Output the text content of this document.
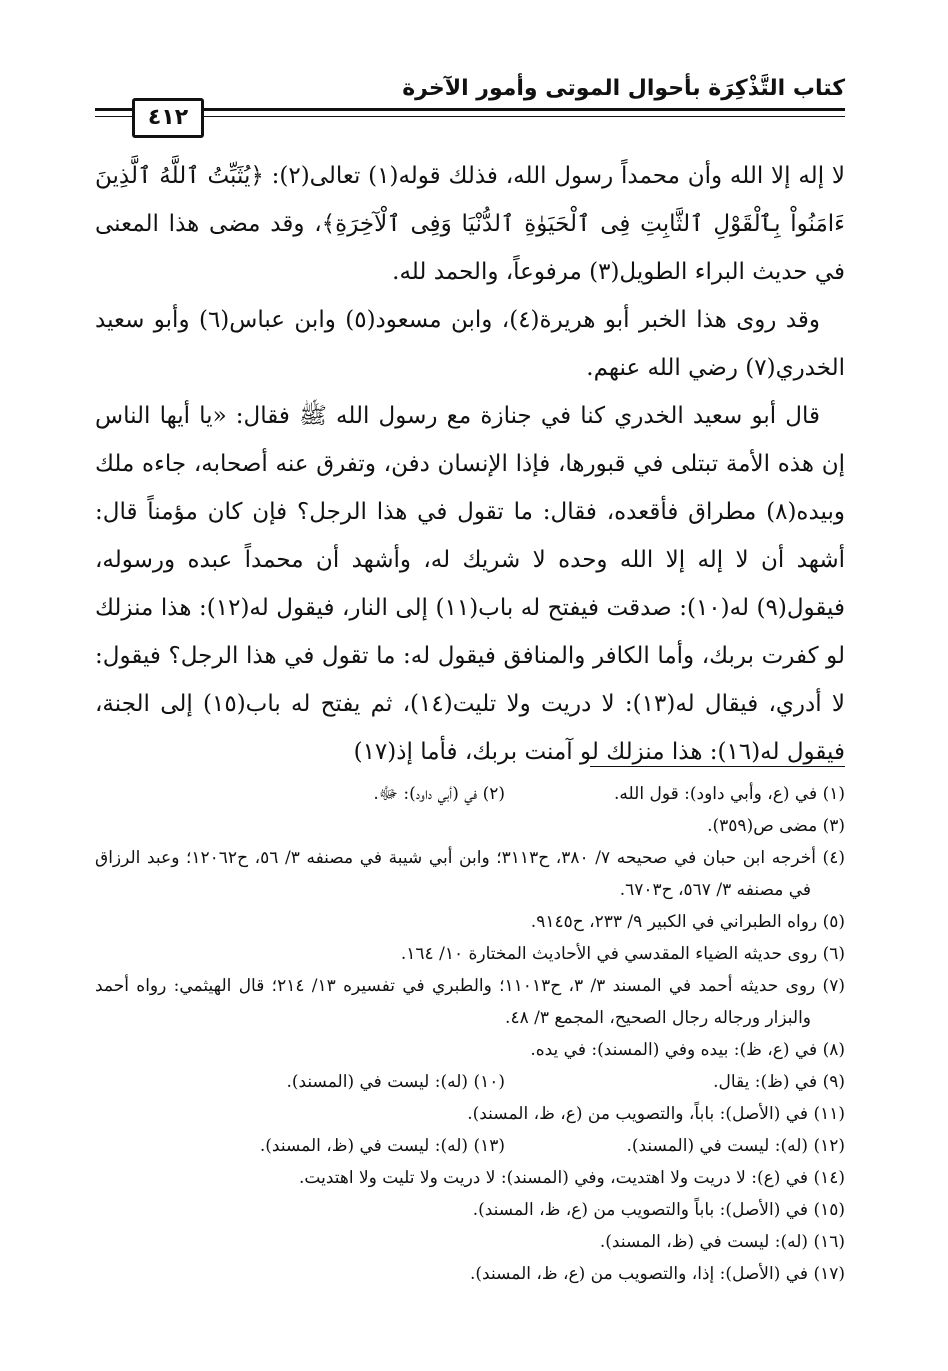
كتاب التَّذْكِرَة بأحوال الموتى وأمور الآخرة
٤١٢

لا إله إلا الله وأن محمداً رسول الله، فذلك قوله(١) تعالى(٢): ﴿يُثَبِّتُ ٱللَّهُ ٱلَّذِينَ ءَامَنُواْ بِٱلْقَوْلِ ٱلثَّابِتِ فِى ٱلْحَيَوٰةِ ٱلدُّنْيَا وَفِى ٱلْآخِرَةِ﴾، وقد مضى هذا المعنى في حديث البراء الطويل(٣) مرفوعاً، والحمد لله.

وقد روى هذا الخبر أبو هريرة(٤)، وابن مسعود(٥) وابن عباس(٦) وأبو سعيد الخدري(٧) رضي الله عنهم.

قال أبو سعيد الخدري كنا في جنازة مع رسول الله ﷺ فقال: «يا أيها الناس إن هذه الأمة تبتلى في قبورها، فإذا الإنسان دفن، وتفرق عنه أصحابه، جاءه ملك وبيده(٨) مطراق فأقعده، فقال: ما تقول في هذا الرجل؟ فإن كان مؤمناً قال: أشهد أن لا إله إلا الله وحده لا شريك له، وأشهد أن محمداً عبده ورسوله، فيقول(٩) له(١٠): صدقت فيفتح له باب(١١) إلى النار، فيقول له(١٢): هذا منزلك لو كفرت بربك، وأما الكافر والمنافق فيقول له: ما تقول في هذا الرجل؟ فيقول: لا أدري، فيقال له(١٣): لا دريت ولا تليت(١٤)، ثم يفتح له باب(١٥) إلى الجنة، فيقول له(١٦): هذا منزلك لو آمنت بربك، فأما إذ(١٧)

(١) في (ع، وأبي داود): قول الله.
(٢) في (أبي داود): ﷻ.
(٣) مضى ص(٣٥٩).
(٤) أخرجه ابن حبان في صحيحه ٧/ ٣٨٠، ح٣١١٣؛ وابن أبي شيبة في مصنفه ٣/ ٥٦، ح١٢٠٦٢؛ وعبد الرزاق في مصنفه ٣/ ٥٦٧، ح٦٧٠٣.
(٥) رواه الطبراني في الكبير ٩/ ٢٣٣، ح٩١٤٥.
(٦) روى حديثه الضياء المقدسي في الأحاديث المختارة ١٠/ ١٦٤.
(٧) روى حديثه أحمد في المسند ٣/ ٣، ح١١٠١٣؛ والطبري في تفسيره ١٣/ ٢١٤؛ قال الهيثمي: رواه أحمد والبزار ورجاله رجال الصحيح، المجمع ٣/ ٤٨.
(٨) في (ع، ظ): بيده وفي (المسند): في يده.
(٩) في (ظ): يقال.
(١٠) (له): ليست في (المسند).
(١١) في (الأصل): باباً، والتصويب من (ع، ظ، المسند).
(١٢) (له): ليست في (المسند).
(١٣) (له): ليست في (ظ، المسند).
(١٤) في (ع): لا دريت ولا اهتديت، وفي (المسند): لا دريت ولا تليت ولا اهتديت.
(١٥) في (الأصل): باباً والتصويب من (ع، ظ، المسند).
(١٦) (له): ليست في (ظ، المسند).
(١٧) في (الأصل): إذا، والتصويب من (ع، ظ، المسند).
